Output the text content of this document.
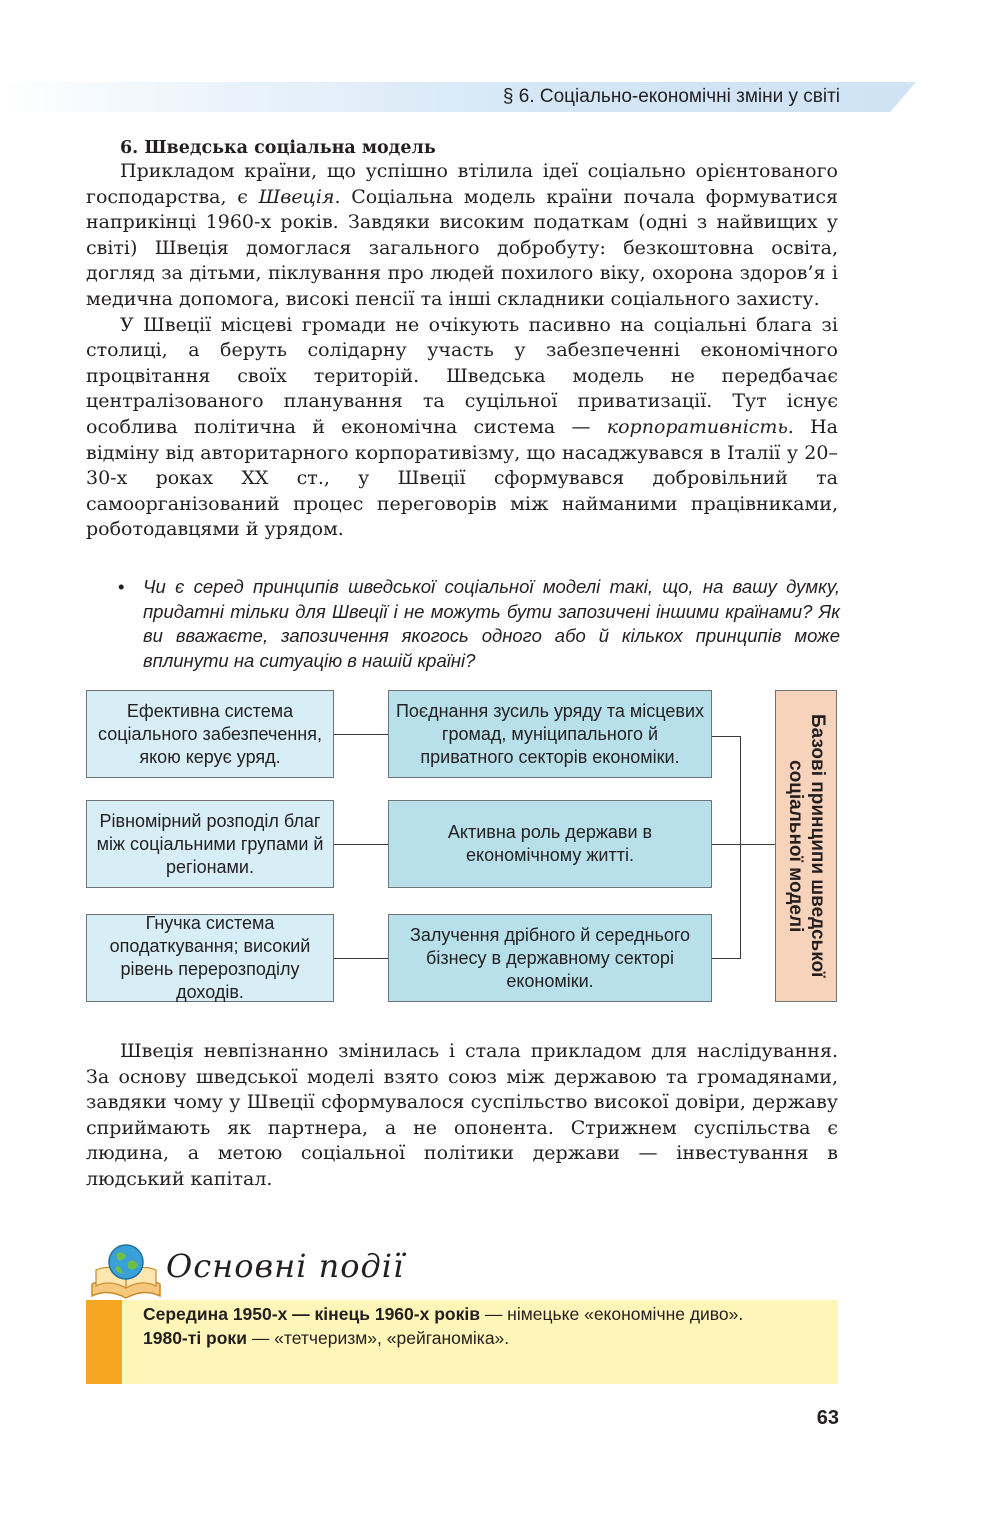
§ 6. Соціально-економічні зміни у світі
6. Шведська соціальна модель

Прикладом країни, що успішно втілила ідеї соціально орієнтованого господарства, є Швеція. Соціальна модель країни почала формуватися наприкінці 1960-х років. Завдяки високим податкам (одні з найвищих у світі) Швеція домоглася загального добробуту: безкоштовна освіта, догляд за дітьми, піклування про людей похилого віку, охорона здоров’я і медична допомога, високі пенсії та інші складники соціального захисту.

У Швеції місцеві громади не очікують пасивно на соціальні блага зі столиці, а беруть солідарну участь у забезпеченні економічного процвітання своїх територій. Шведська модель не передбачає централізованого планування та суцільної приватизації. Тут існує особлива політична й економічна система — корпоративність. На відміну від авторитарного корпоративізму, що насаджувався в Італії у 20–30-х роках XX ст., у Швеції сформувався добровільний та самоорганізований процес переговорів між найманими працівниками, роботодавцями й урядом.

• Чи є серед принципів шведської соціальної моделі такі, що, на вашу думку, придатні тільки для Швеції і не можуть бути запозичені іншими країнами? Як ви вважаєте, запозичення якогось одного або й кількох принципів може вплинути на ситуацію в нашій країні?
Ефективна система соціального забезпечення, якою керує уряд.
Рівномірний розподіл благ між соціальними групами й регіонами.
Гнучка система оподаткування; високий рівень перерозподілу доходів.
Поєднання зусиль уряду та місцевих громад, муніципального й приватного секторів економіки.
Активна роль держави в економічному житті.
Залучення дрібного й середнього бізнесу в державному секторі економіки.
Базові принципи шведської соціальної моделі

Швеція невпізнанно змінилась і стала прикладом для наслідування. За основу шведської моделі взято союз між державою та громадянами, завдяки чому у Швеції сформувалося суспільство високої довіри, державу сприймають як партнера, а не опонента. Стрижнем суспільства є людина, а метою соціальної політики держави — інвестування в людський капітал.

Основні події

Середина 1950-х — кінець 1960-х років — німецьке «економічне диво».

1980-ті роки — «тетчеризм», «рейганоміка».

63
